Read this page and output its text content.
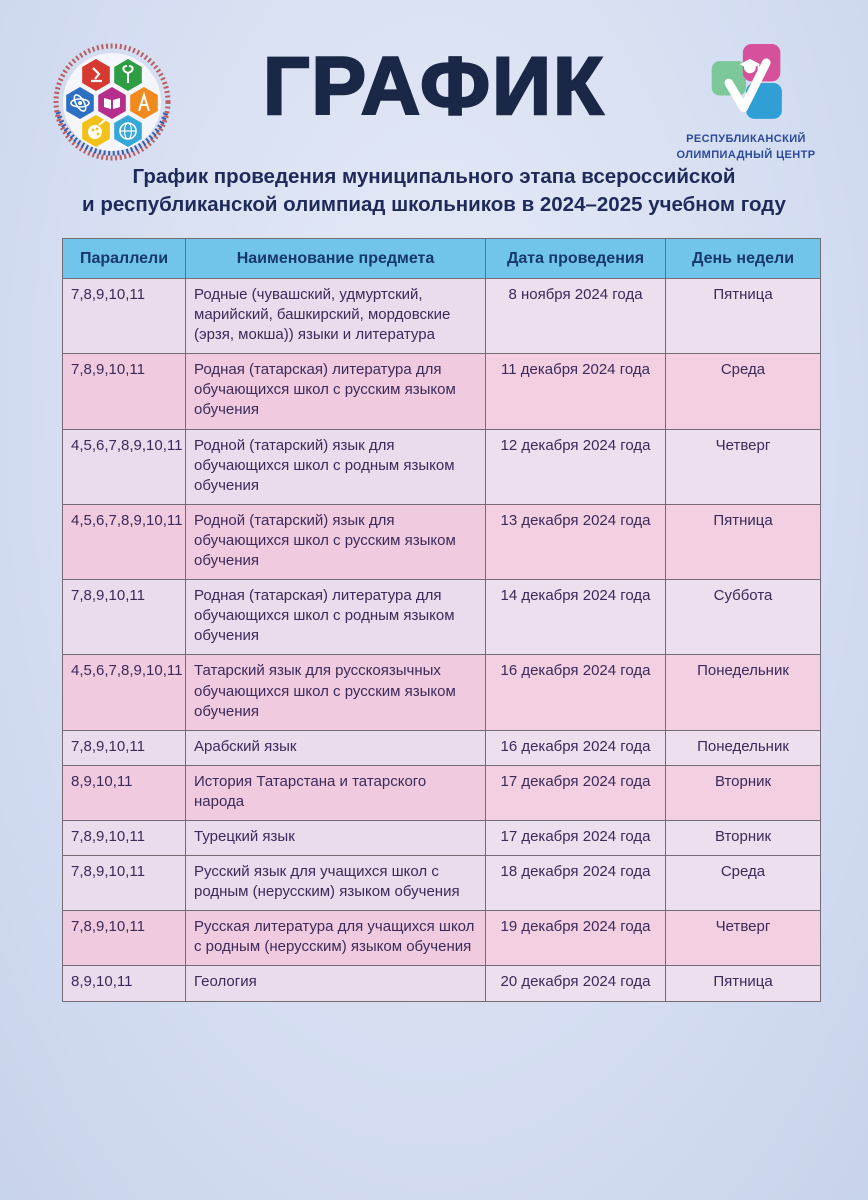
ГРАФИК
РЕСПУБЛИКАНСКИЙ
ОЛИМПИАДНЫЙ ЦЕНТР
График проведения муниципального этапа всероссийской
и республиканской олимпиад школьников в 2024–2025 учебном году
Параллели	Наименование предмета	Дата проведения	День недели
7,8,9,10,11	Родные (чувашский, удмуртский, марийский, башкирский, мордовские (эрзя, мокша)) языки и литература	8 ноября 2024 года	Пятница
7,8,9,10,11	Родная (татарская) литература для обучающихся школ с русским языком обучения	11 декабря 2024 года	Среда
4,5,6,7,8,9,10,11	Родной (татарский) язык для обучающихся школ с родным языком обучения	12 декабря 2024 года	Четверг
4,5,6,7,8,9,10,11	Родной (татарский) язык для обучающихся школ с русским языком обучения	13 декабря 2024 года	Пятница
7,8,9,10,11	Родная (татарская) литература для обучающихся школ с родным языком обучения	14 декабря 2024 года	Суббота
4,5,6,7,8,9,10,11	Татарский язык для русскоязычных обучающихся школ с русским языком обучения	16 декабря 2024 года	Понедельник
7,8,9,10,11	Арабский язык	16 декабря 2024 года	Понедельник
8,9,10,11	История Татарстана и татарского народа	17 декабря 2024 года	Вторник
7,8,9,10,11	Турецкий язык	17 декабря 2024 года	Вторник
7,8,9,10,11	Русский язык для учащихся школ с родным (нерусским) языком обучения	18 декабря 2024 года	Среда
7,8,9,10,11	Русская литература для учащихся школ с родным (нерусским) языком обучения	19 декабря 2024 года	Четверг
8,9,10,11	Геология	20 декабря 2024 года	Пятница
